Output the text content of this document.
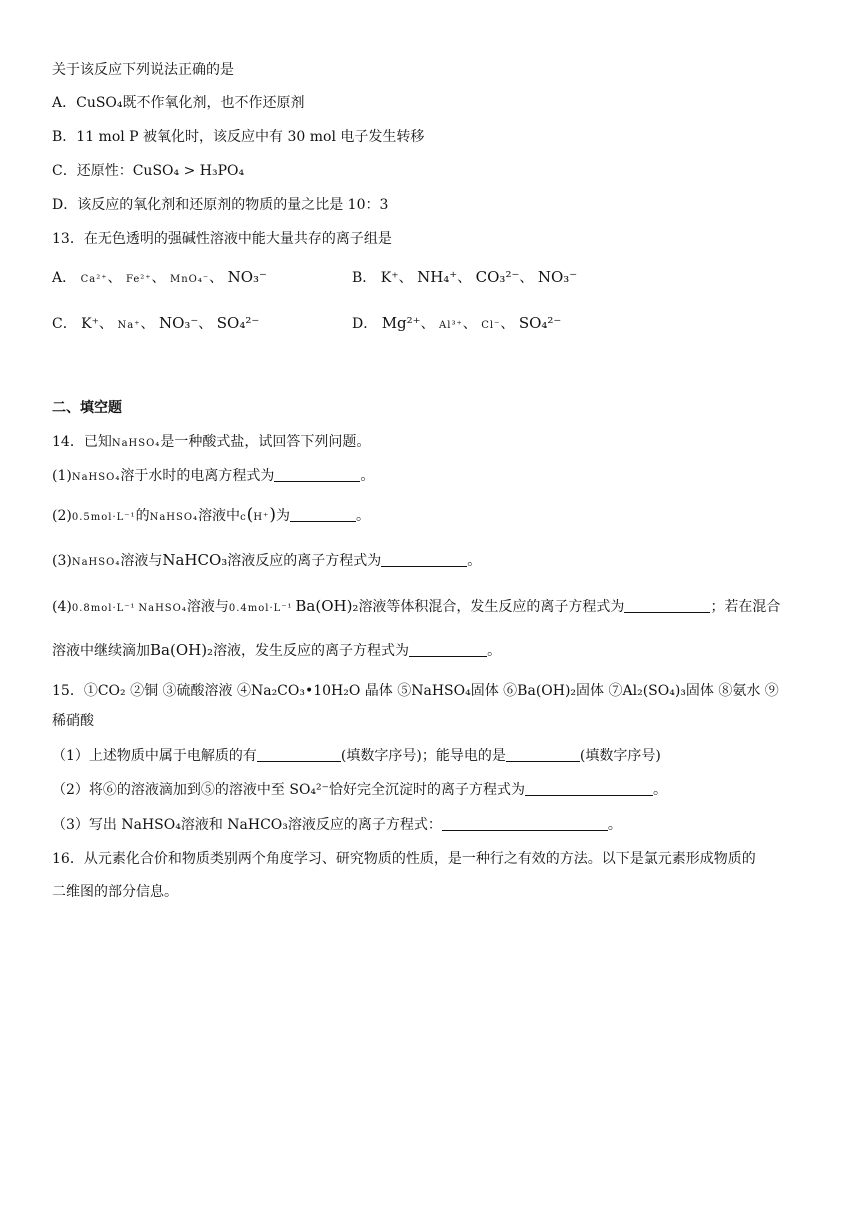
关于该反应下列说法正确的是
A．CuSO₄既不作氧化剂，也不作还原剂
B．11 mol P 被氧化时，该反应中有 30 mol 电子发生转移
C．还原性：CuSO₄ > H₃PO₄
D．该反应的氧化剂和还原剂的物质的量之比是 10：3
13．在无色透明的强碱性溶液中能大量共存的离子组是
A． Ca²⁺、 Fe²⁺、 MnO₄⁻、 NO₃⁻	B． K⁺、 NH₄⁺、 CO₃²⁻、 NO₃⁻
C． K⁺、 Na⁺、 NO₃⁻、 SO₄²⁻	D． Mg²⁺、 Al³⁺、 Cl⁻、 SO₄²⁻
二、填空题
14．已知NaHSO₄是一种酸式盐，试回答下列问题。
(1)NaHSO₄溶于水时的电离方程式为	。
(2)0.5mol·L⁻¹的NaHSO₄溶液中c(H⁺)为	。
(3)NaHSO₄溶液与NaHCO₃溶液反应的离子方程式为	。
(4)0.8mol·L⁻¹  NaHSO₄溶液与0.4mol·L⁻¹  Ba(OH)₂溶液等体积混合，发生反应的离子方程式为	；若在混合
溶液中继续滴加Ba(OH)₂溶液，发生反应的离子方程式为	。
15．①CO₂ ②铜 ③硫酸溶液 ④Na₂CO₃•10H₂O 晶体 ⑤NaHSO₄固体 ⑥Ba(OH)₂固体 ⑦Al₂(SO₄)₃固体 ⑧氨水 ⑨
稀硝酸
（1）上述物质中属于电解质的有	(填数字序号)；能导电的是	(填数字序号)
（2）将⑥的溶液滴加到⑤的溶液中至 SO₄²⁻恰好完全沉淀时的离子方程式为	。
（3）写出 NaHSO₄溶液和 NaHCO₃溶液反应的离子方程式：	。
16．从元素化合价和物质类别两个角度学习、研究物质的性质，是一种行之有效的方法。以下是氯元素形成物质的
二维图的部分信息。
